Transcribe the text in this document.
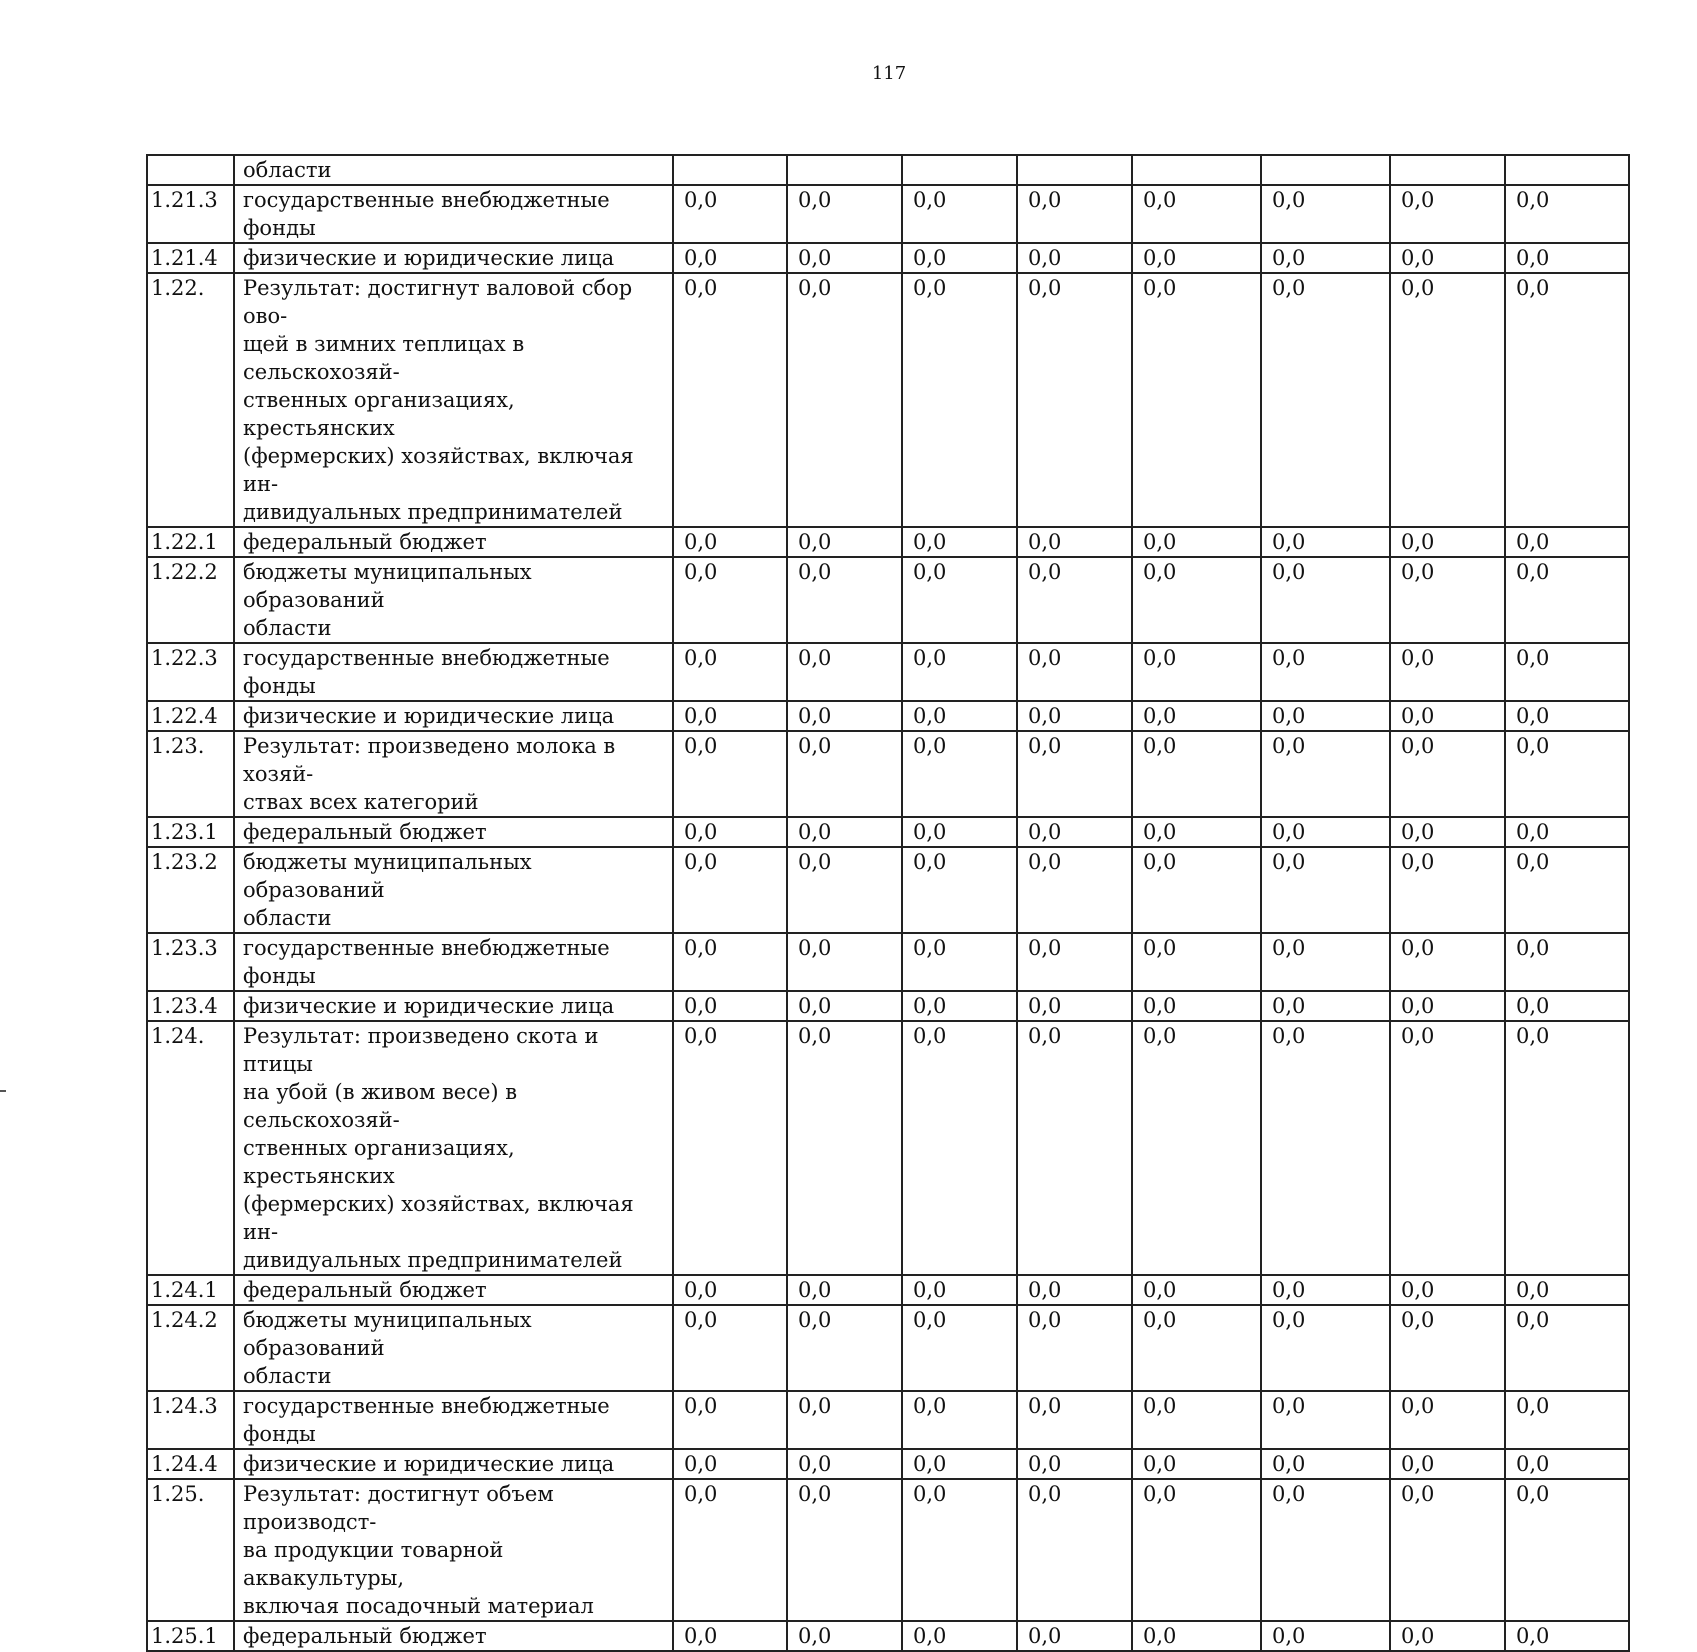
117
	области								
1.21.3	государственные внебюджетные фонды	0,0	0,0	0,0	0,0	0,0	0,0	0,0	0,0
1.21.4	физические и юридические лица	0,0	0,0	0,0	0,0	0,0	0,0	0,0	0,0
1.22.	Результат: достигнут валовой сбор ово-
щей в зимних теплицах в сельскохозяй-
ственных организациях, крестьянских
(фермерских) хозяйствах, включая ин-
дивидуальных предпринимателей	0,0	0,0	0,0	0,0	0,0	0,0	0,0	0,0
1.22.1	федеральный бюджет	0,0	0,0	0,0	0,0	0,0	0,0	0,0	0,0
1.22.2	бюджеты муниципальных образований
области	0,0	0,0	0,0	0,0	0,0	0,0	0,0	0,0
1.22.3	государственные внебюджетные фонды	0,0	0,0	0,0	0,0	0,0	0,0	0,0	0,0
1.22.4	физические и юридические лица	0,0	0,0	0,0	0,0	0,0	0,0	0,0	0,0
1.23.	Результат: произведено молока в хозяй-
ствах всех категорий	0,0	0,0	0,0	0,0	0,0	0,0	0,0	0,0
1.23.1	федеральный бюджет	0,0	0,0	0,0	0,0	0,0	0,0	0,0	0,0
1.23.2	бюджеты муниципальных образований
области	0,0	0,0	0,0	0,0	0,0	0,0	0,0	0,0
1.23.3	государственные внебюджетные фонды	0,0	0,0	0,0	0,0	0,0	0,0	0,0	0,0
1.23.4	физические и юридические лица	0,0	0,0	0,0	0,0	0,0	0,0	0,0	0,0
1.24.	Результат: произведено скота и птицы
на убой (в живом весе) в сельскохозяй-
ственных организациях, крестьянских
(фермерских) хозяйствах, включая ин-
дивидуальных предпринимателей	0,0	0,0	0,0	0,0	0,0	0,0	0,0	0,0
1.24.1	федеральный бюджет	0,0	0,0	0,0	0,0	0,0	0,0	0,0	0,0
1.24.2	бюджеты муниципальных образований
области	0,0	0,0	0,0	0,0	0,0	0,0	0,0	0,0
1.24.3	государственные внебюджетные фонды	0,0	0,0	0,0	0,0	0,0	0,0	0,0	0,0
1.24.4	физические и юридические лица	0,0	0,0	0,0	0,0	0,0	0,0	0,0	0,0
1.25.	Результат: достигнут объем производст-
ва продукции товарной аквакультуры,
включая посадочный материал	0,0	0,0	0,0	0,0	0,0	0,0	0,0	0,0
1.25.1	федеральный бюджет	0,0	0,0	0,0	0,0	0,0	0,0	0,0	0,0
